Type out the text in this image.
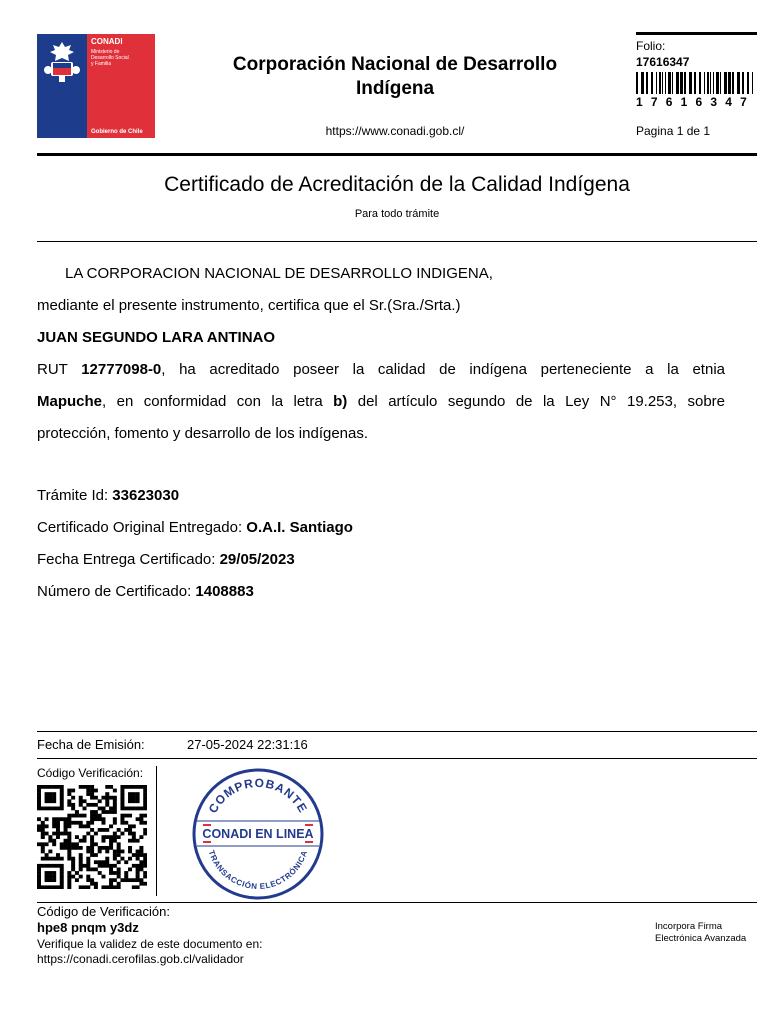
CONADI
Ministerio de
Desarrollo Social
y Familia
Gobierno de Chile
Corporación Nacional de Desarrollo
Indígena
https://www.conadi.gob.cl/
Folio:
17616347
17616347
Pagina 1 de 1
Certificado de Acreditación de la Calidad Indígena
Para todo trámite
LA CORPORACION NACIONAL DE DESARROLLO INDIGENA,
mediante el presente instrumento, certifica que el Sr.(Sra./Srta.)
JUAN SEGUNDO LARA ANTINAO
RUT 12777098-0, ha acreditado poseer la calidad de indígena perteneciente a la etnia
Mapuche, en conformidad con la letra b) del artículo segundo de la Ley N° 19.253, sobre
protección, fomento y desarrollo de los indígenas.
Trámite Id: 33623030
Certificado Original Entregado: O.A.I. Santiago
Fecha Entrega Certificado: 29/05/2023
Número de Certificado: 1408883
Fecha de Emisión:	27-05-2024 22:31:16
Código Verificación:
COMPROBANTE
TRANSACCIÓN ELECTRÓNICA
CONADI EN LINEA
Código de Verificación:
hpe8 pnqm y3dz
Verifique la validez de este documento en:
https://conadi.cerofilas.gob.cl/validador
Incorpora Firma
Electrónica Avanzada
